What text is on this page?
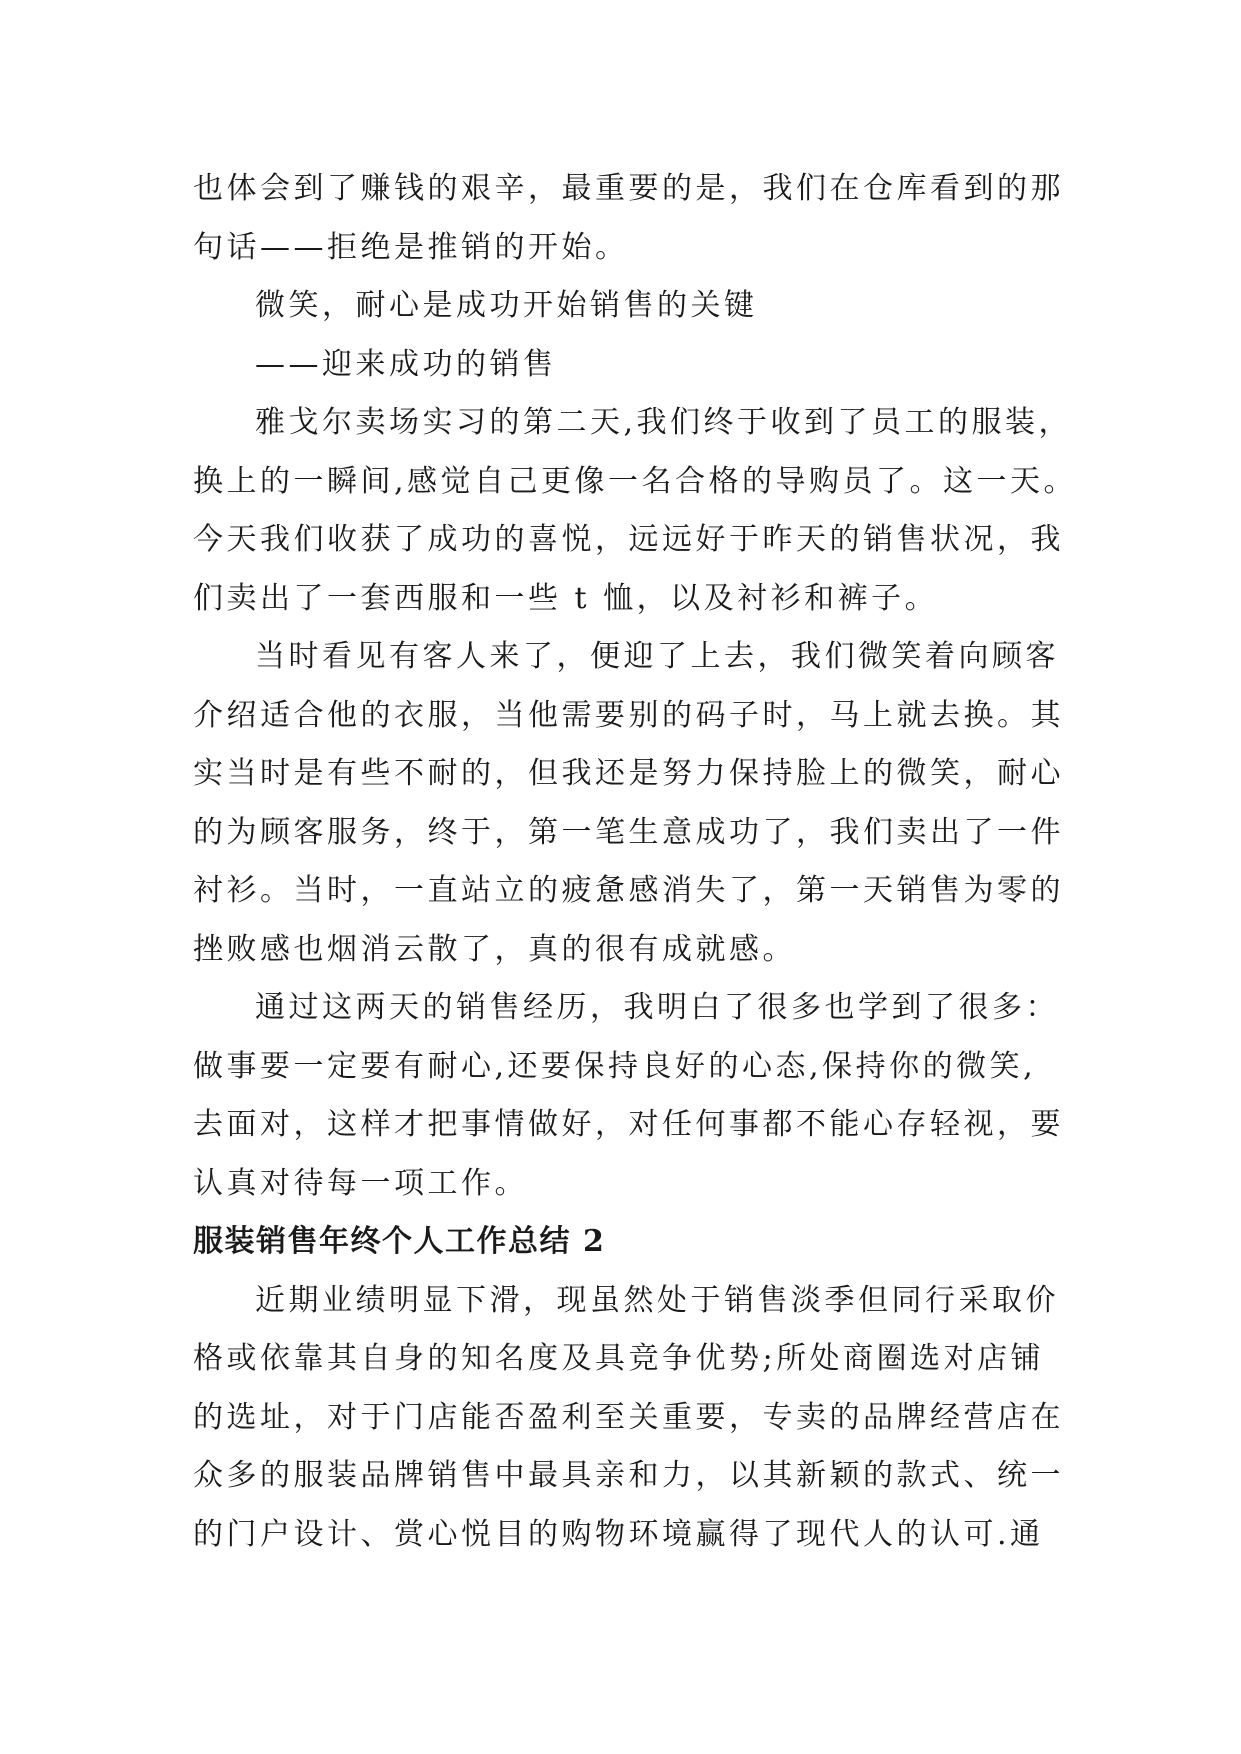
也体会到了赚钱的艰辛，最重要的是，我们在仓库看到的那

句话——拒绝是推销的开始。

微笑，耐心是成功开始销售的关键

——迎来成功的销售

雅戈尔卖场实习的第二天,我们终于收到了员工的服装，

换上的一瞬间,感觉自己更像一名合格的导购员了。这一天。

今天我们收获了成功的喜悦，远远好于昨天的销售状况，我

们卖出了一套西服和一些 t 恤，以及衬衫和裤子。

当时看见有客人来了，便迎了上去，我们微笑着向顾客

介绍适合他的衣服，当他需要别的码子时，马上就去换。其

实当时是有些不耐的，但我还是努力保持脸上的微笑，耐心

的为顾客服务，终于，第一笔生意成功了，我们卖出了一件

衬衫。当时，一直站立的疲惫感消失了，第一天销售为零的

挫败感也烟消云散了，真的很有成就感。

通过这两天的销售经历，我明白了很多也学到了很多：

做事要一定要有耐心,还要保持良好的心态,保持你的微笑,

去面对，这样才把事情做好，对任何事都不能心存轻视，要

认真对待每一项工作。

服装销售年终个人工作总结 2

近期业绩明显下滑，现虽然处于销售淡季但同行采取价

格或依靠其自身的知名度及具竞争优势;所处商圈选对店铺

的选址，对于门店能否盈利至关重要，专卖的品牌经营店在

众多的服装品牌销售中最具亲和力，以其新颖的款式、统一

的门户设计、赏心悦目的购物环境赢得了现代人的认可.通
